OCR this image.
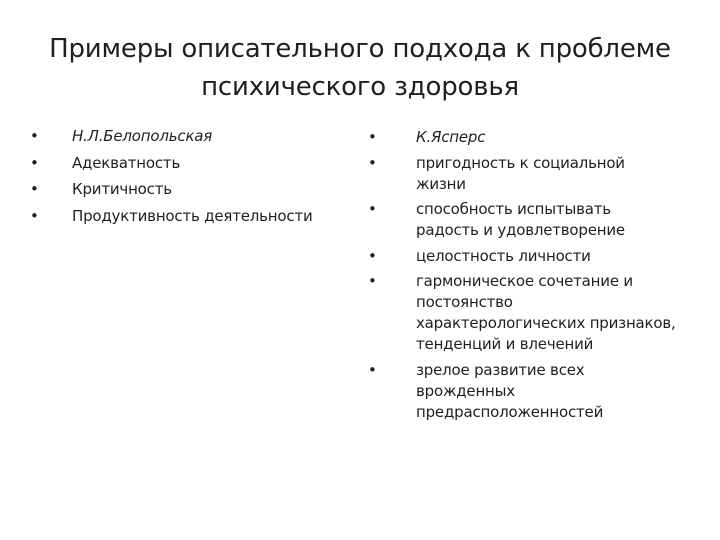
Примеры описательного подхода к проблеме
психического здоровья
• Н.Л.Белопольская
• Адекватность
• Критичность
• Продуктивность деятельности
•	К.Ясперс
•	пригодность к социальной жизни
•	способность испытывать радость и удовлетворение
•	целостность личности
•	гармоническое сочетание и постоянство характерологических признаков, тенденций и влечений
•	зрелое развитие всех врожденных предрасположенностей
